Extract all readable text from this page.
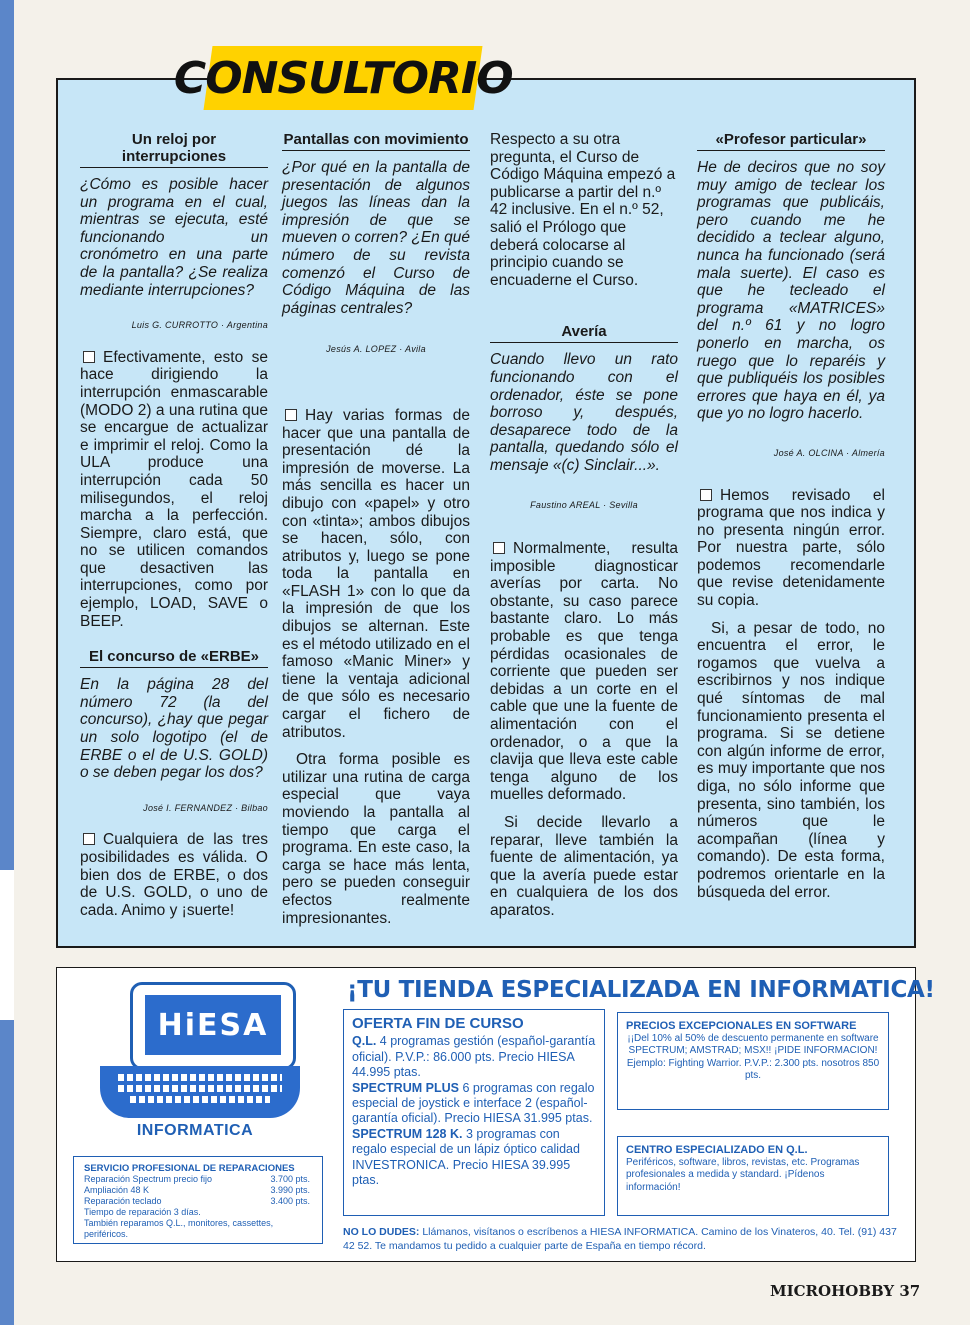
CONSULTORIO
Un reloj por interrupciones

¿Cómo es posible hacer un programa en el cual, mientras se ejecuta, esté funcionando un cronómetro en una parte de la pantalla? ¿Se realiza mediante interrupciones?

Luis G. CURROTTO · Argentina

Efectivamente, esto se hace dirigiendo la interrupción enmascarable (MODO 2) a una rutina que se encargue de actualizar e imprimir el reloj. Como la ULA produce una interrupción cada 50 milisegundos, el reloj marcha a la perfección. Siempre, claro está, que no se utilicen comandos que desactiven las interrupciones, como por ejemplo, LOAD, SAVE o BEEP.

El concurso de «ERBE»

En la página 28 del número 72 (la del concurso), ¿hay que pegar un solo logotipo (el de ERBE o el de U.S. GOLD) o se deben pegar los dos?

José I. FERNANDEZ · Bilbao

Cualquiera de las tres posibilidades es válida. O bien dos de ERBE, o dos de U.S. GOLD, o uno de cada. Animo y ¡suerte!

Pantallas con movimiento

¿Por qué en la pantalla de presentación de algunos juegos las líneas dan la impresión de que se mueven o corren? ¿En qué número de su revista comenzó el Curso de Código Máquina de las páginas centrales?

Jesús A. LOPEZ · Avila

Hay varias formas de hacer que una pantalla de presentación dé la impresión de moverse. La más sencilla es hacer un dibujo con «papel» y otro con «tinta»; ambos dibujos se hacen, sólo, con atributos y, luego se pone toda la pantalla en «FLASH 1» con lo que da la impresión de que los dibujos se alternan. Este es el método utilizado en el famoso «Manic Miner» y tiene la ventaja adicional de que sólo es necesario cargar el fichero de atributos.

Otra forma posible es utilizar una rutina de carga especial que vaya moviendo la pantalla al tiempo que carga el programa. En este caso, la carga se hace más lenta, pero se pueden conseguir efectos realmente impresionantes.

Respecto a su otra pregunta, el Curso de Código Máquina empezó a publicarse a partir del n.º 42 inclusive. En el n.º 52, salió el Prólogo que deberá colocarse al principio cuando se encuaderne el Curso.

Avería

Cuando llevo un rato funcionando con el ordenador, éste se pone borroso y, después, desaparece todo de la pantalla, quedando sólo el mensaje «(c) Sinclair...».

Faustino AREAL · Sevilla

Normalmente, resulta imposible diagnosticar averías por carta. No obstante, su caso parece bastante claro. Lo más probable es que tenga pérdidas ocasionales de corriente que pueden ser debidas a un corte en el cable que une la fuente de alimentación con el ordenador, o a que la clavija que lleva este cable tenga alguno de los muelles deformado.

Si decide llevarlo a reparar, lleve también la fuente de alimentación, ya que la avería puede estar en cualquiera de los dos aparatos.

«Profesor particular»

He de deciros que no soy muy amigo de teclear los programas que publicáis, pero cuando me he decidido a teclear alguno, nunca ha funcionado (será mala suerte). El caso es que he tecleado el programa «MATRICES» del n.º 61 y no logro ponerlo en marcha, os ruego que lo reparéis y que publiquéis los posibles errores que haya en él, ya que yo no logro hacerlo.

José A. OLCINA · Almería

Hemos revisado el programa que nos indica y no presenta ningún error. Por nuestra parte, sólo podemos recomendarle que revise detenidamente su copia.

Si, a pesar de todo, no encuentra el error, le rogamos que vuelva a escribirnos y nos indique qué síntomas de mal funcionamiento presenta el programa. Si se detiene con algún informe de error, es muy importante que nos diga, no sólo informe que presenta, sino también, los números que le acompañan (línea y comando). De esta forma, podremos orientarle en la búsqueda del error.

¡TU TIENDA ESPECIALIZADA EN INFORMATICA!
HiESA
INFORMATICA
SERVICIO PROFESIONAL DE REPARACIONES
Reparación Spectrum precio fijo	3.700 pts.
Ampliación 48 K	3.990 pts.
Reparación teclado	3.400 pts.
Tiempo de reparación 3 días.
También reparamos Q.L., monitores, cassettes, periféricos.
OFERTA FIN DE CURSO
Q.L. 4 programas gestión (español-garantía oficial). P.V.P.: 86.000 pts. Precio HIESA 44.995 ptas.
SPECTRUM PLUS 6 programas con regalo especial de joystick e interface 2 (español-garantía oficial). Precio HIESA 31.995 ptas.
SPECTRUM 128 K. 3 programas con regalo especial de un lápiz óptico calidad INVESTRONICA. Precio HIESA 39.995 ptas.
PRECIOS EXCEPCIONALES EN SOFTWARE
¡¡Del 10% al 50% de descuento permanente en software SPECTRUM; AMSTRAD; MSX!! ¡PIDE INFORMACION!
Ejemplo: Fighting Warrior. P.V.P.: 2.300 pts. nosotros 850 pts.
CENTRO ESPECIALIZADO EN Q.L.
Periféricos, software, libros, revistas, etc. Programas profesionales a medida y standard. ¡Pídenos información!
NO LO DUDES: Llámanos, visítanos o escríbenos a HIESA INFORMATICA. Camino de los Vinateros, 40. Tel. (91) 437 42 52. Te mandamos tu pedido a cualquier parte de España en tiempo récord.
MICROHOBBY 37
